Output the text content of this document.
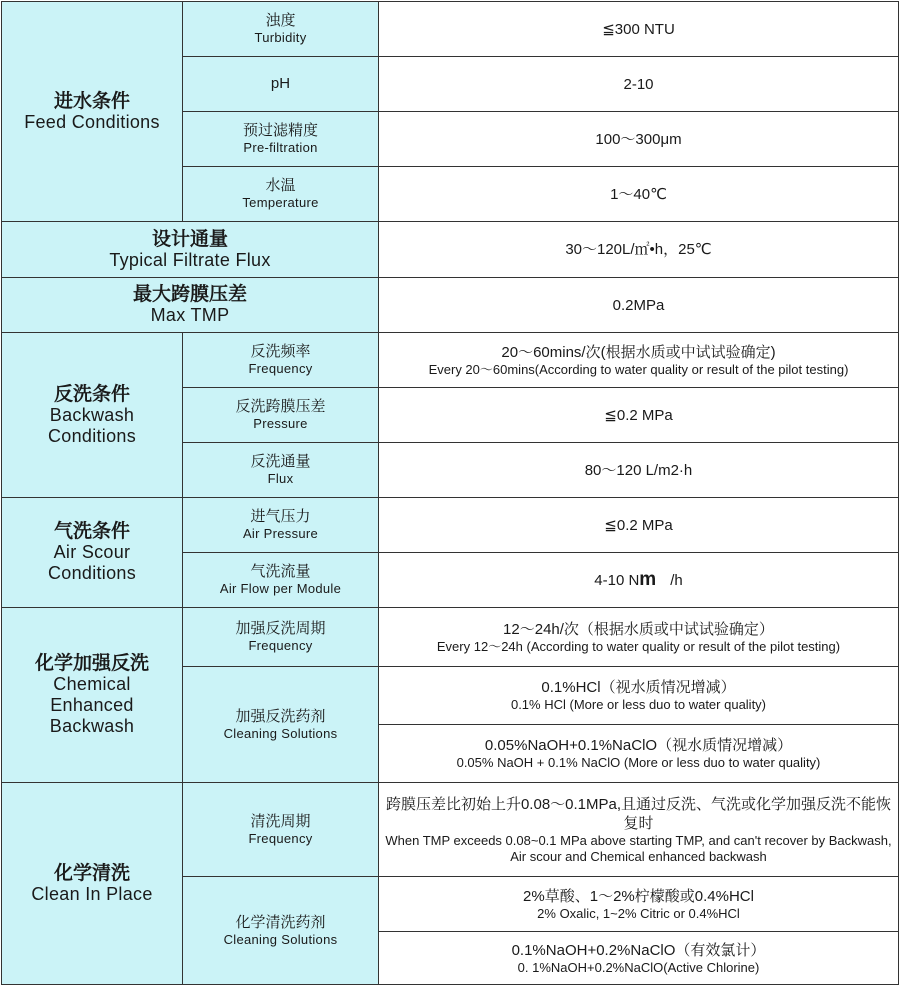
进水条件
Feed Conditions	浊度
Turbidity	≦300 NTU

	pH	2-10

	预过滤精度
Pre-filtration	100～300μm

	水温
Temperature	1～40℃

设计通量
Typical Filtrate Flux		30～120L/㎡•h，25℃

最大跨膜压差
Max TMP		0.2MPa

反洗条件
Backwash
Conditions	反洗频率
Frequency	20～60mins/次(根据水质或中试试验确定)
Every 20～60mins(According to water quality or result of the pilot testing)

	反洗跨膜压差
Pressure	≦0.2 MPa

	反洗通量
Flux	80～120 L/m2·h

气洗条件
Air Scour
Conditions	进气压力
Air Pressure	≦0.2 MPa

	气洗流量
Air Flow per Module	4-10 Nm /h

化学加强反洗
Chemical
Enhanced
Backwash	加强反洗周期
Frequency	12～24h/次（根据水质或中试试验确定）
Every 12～24h (According to water quality or result of the pilot testing)

	加强反洗药剂
Cleaning Solutions	0.1%HCl（视水质情况增减）
0.1% HCl (More or less duo to water quality)

		0.05%NaOH+0.1%NaClO（视水质情况增减）
0.05% NaOH + 0.1% NaClO (More or less duo to water quality)

化学清洗
Clean In Place	清洗周期
Frequency	跨膜压差比初始上升0.08～0.1MPa,且通过反洗、气洗或化学加强反洗不能恢复时
When TMP exceeds 0.08~0.1 MPa above starting TMP, and can't recover by Backwash, Air scour and Chemical enhanced backwash

	化学清洗药剂
Cleaning Solutions	2%草酸、1～2%柠檬酸或0.4%HCl
2% Oxalic, 1~2% Citric or 0.4%HCl

		0.1%NaOH+0.2%NaClO（有效氯计）
0. 1%NaOH+0.2%NaClO(Active Chlorine)
